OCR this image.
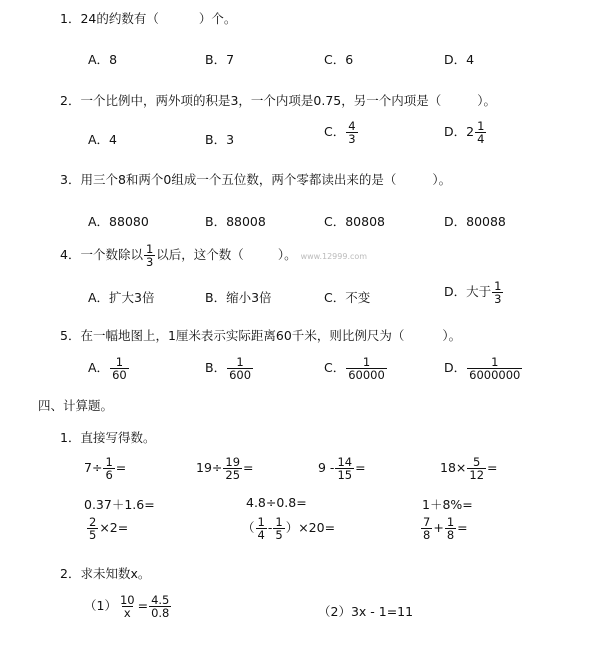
1．24的约数有（	）个。
A．8	B．7	C．6	D．4
2．一个比例中，两外项的积是3，一个内项是0.75，另一个内项是（	）。
A．4	B．3
C． $\frac{4}{3}$	D．$2 \frac{1}{4}$
3．用三个8和两个0组成一个五位数，两个零都读出来的是（	）。
A．88080	B．88008	C．80808	D．80088
4．一个数除以 $\frac{1}{3}$ 以后，这个数（	）。 www.12999.com
A．扩大3倍	B．缩小3倍	C．不变	D．大于 $\frac{1}{3}$
5．在一幅地图上，1厘米表示实际距离60千米，则比例尺为（	）。
A． $\frac{1}{60}$	B． $\frac{1}{600}$	C． $\frac{1}{60000}$	D． $\frac{1}{6000000}$
四、计算题。
1．直接写得数。
$7\div \frac{1}{6}$ =	$19\div \frac{19}{25}$ =	$9 - \frac{14}{15}$ =	$18\times \frac{5}{12}$ =
0.37＋1.6=	4.8÷0.8=	1＋8%=
$\frac{2}{5} \times 2=$	（ $\frac{1}{4} - \frac{1}{5} )\times 20=$	$\frac{7}{8} + \frac{1}{8}$ =
2．求未知数x。
$(1) \frac{10}{x} = \frac{4.5}{0.8}$	（2）3x - 1=11
